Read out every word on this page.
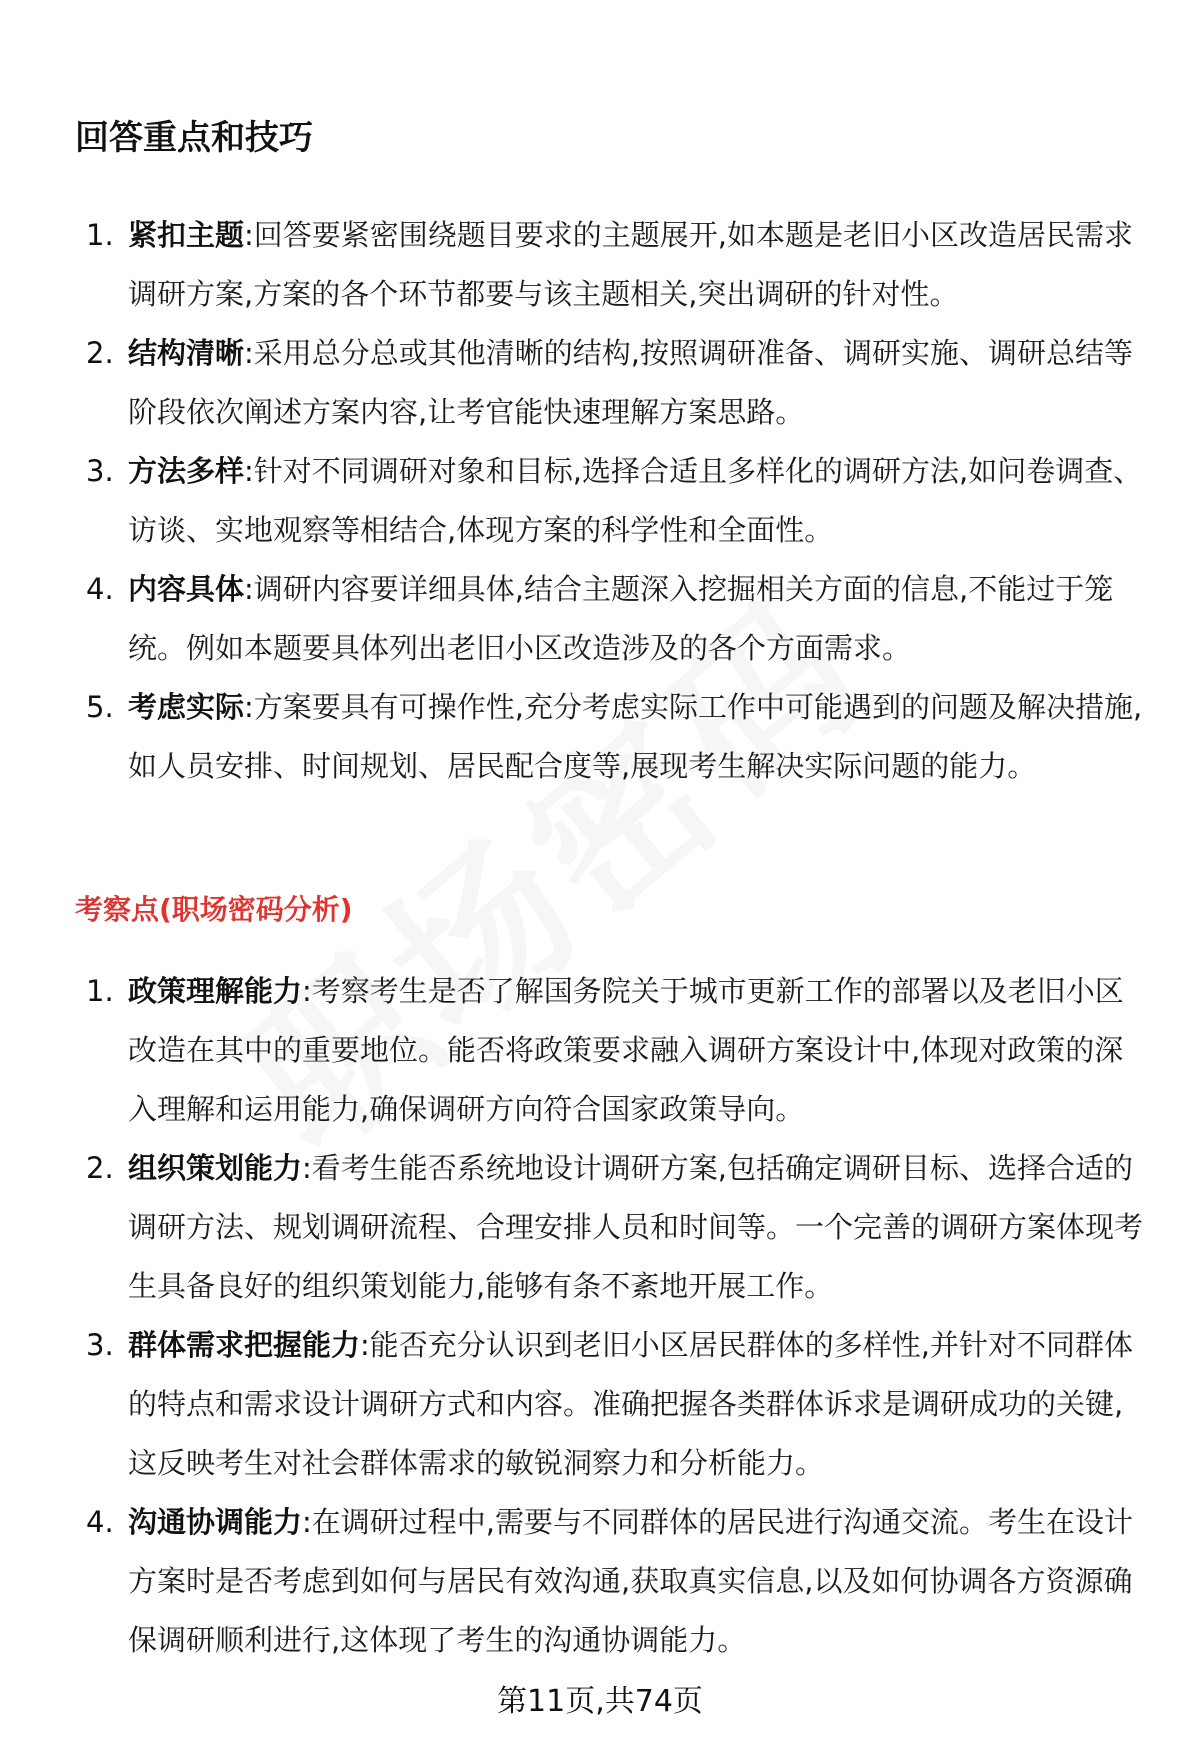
回答重点和技巧
1. 紧扣主题:回答要紧密围绕题目要求的主题展开,如本题是老旧小区改造居民需求调研方案,方案的各个环节都要与该主题相关,突出调研的针对性。
2. 结构清晰:采用总分总或其他清晰的结构,按照调研准备、调研实施、调研总结等阶段依次阐述方案内容,让考官能快速理解方案思路。
3. 方法多样:针对不同调研对象和目标,选择合适且多样化的调研方法,如问卷调查、访谈、实地观察等相结合,体现方案的科学性和全面性。
4. 内容具体:调研内容要详细具体,结合主题深入挖掘相关方面的信息,不能过于笼统。例如本题要具体列出老旧小区改造涉及的各个方面需求。
5. 考虑实际:方案要具有可操作性,充分考虑实际工作中可能遇到的问题及解决措施,如人员安排、时间规划、居民配合度等,展现考生解决实际问题的能力。
考察点(职场密码分析)
1. 政策理解能力:考察考生是否了解国务院关于城市更新工作的部署以及老旧小区改造在其中的重要地位。能否将政策要求融入调研方案设计中,体现对政策的深入理解和运用能力,确保调研方向符合国家政策导向。
2. 组织策划能力:看考生能否系统地设计调研方案,包括确定调研目标、选择合适的调研方法、规划调研流程、合理安排人员和时间等。一个完善的调研方案体现考生具备良好的组织策划能力,能够有条不紊地开展工作。
3. 群体需求把握能力:能否充分认识到老旧小区居民群体的多样性,并针对不同群体的特点和需求设计调研方式和内容。准确把握各类群体诉求是调研成功的关键,这反映考生对社会群体需求的敏锐洞察力和分析能力。
4. 沟通协调能力:在调研过程中,需要与不同群体的居民进行沟通交流。考生在设计方案时是否考虑到如何与居民有效沟通,获取真实信息,以及如何协调各方资源确保调研顺利进行,这体现了考生的沟通协调能力。
第11页,共74页
